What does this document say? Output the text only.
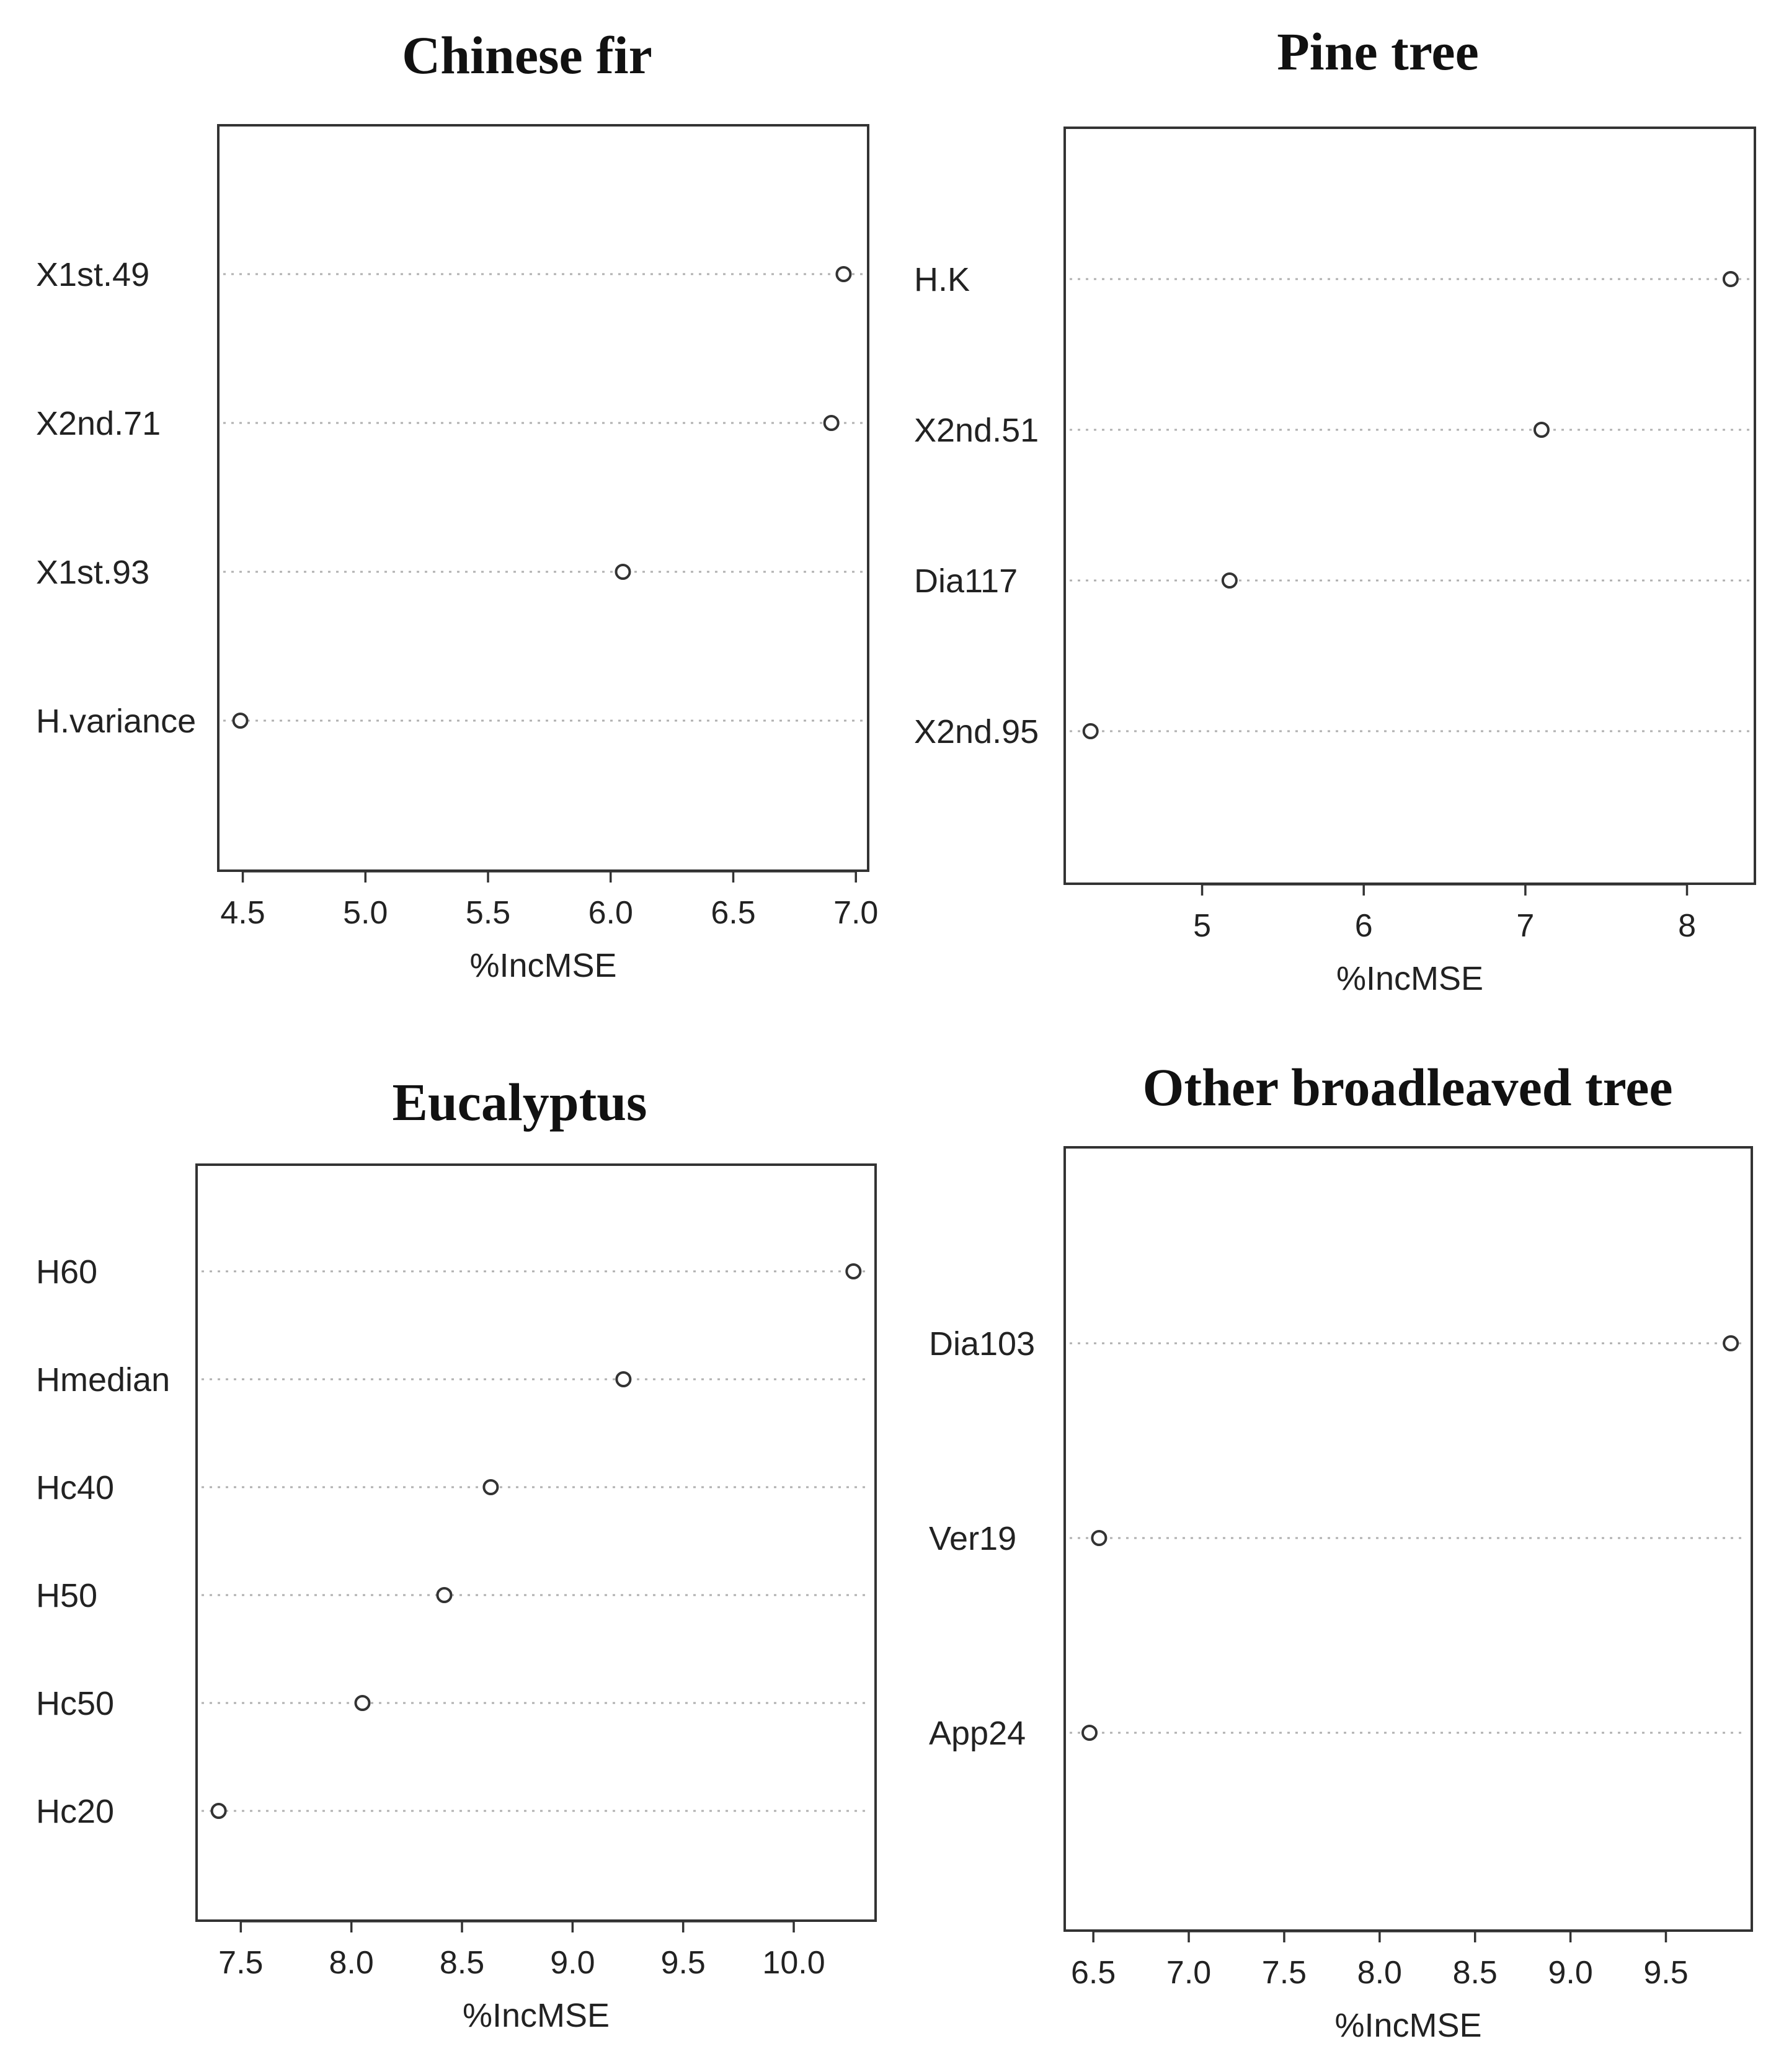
Chinese fir
X1st.49
X2nd.71
X1st.93
H.variance
4.5 5.0 5.5 6.0 6.5 7.0
%IncMSE
Pine tree
H.K
X2nd.51
Dia117
X2nd.95
5	6	7	8
%IncMSE
Eucalyptus
H60
Hmedian
Hc40
H50
Hc50
Hc20
7.5 8.0 8.5 9.0 9.5 10.0
%IncMSE
Other broadleaved tree
Dia103
Ver19
App24
6.5 7.0 7.5 8.0 8.5 9.0 9.5
%IncMSE
